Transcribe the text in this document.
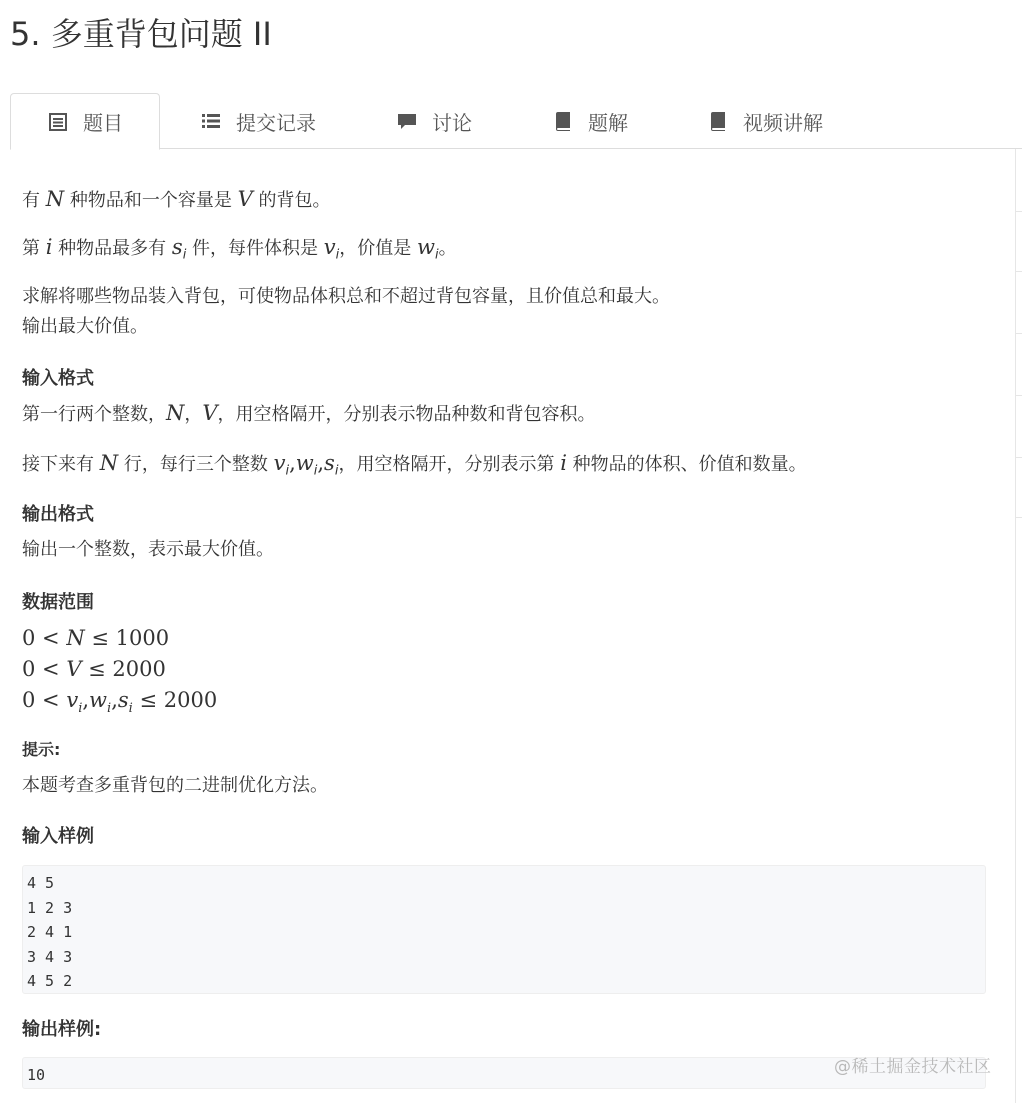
5. 多重背包问题 II
题目	提交记录	讨论	题解	视频讲解

有 N 种物品和一个容量是 V 的背包。

第 i 种物品最多有 $s_i$ 件，每件体积是 $v_i$，价值是 $w_i$。

求解将哪些物品装入背包，可使物品体积总和不超过背包容量，且价值总和最大。

输出最大价值。

输入格式

第一行两个整数，N，V，用空格隔开，分别表示物品种数和背包容积。

接下来有 N 行，每行三个整数 $v_i,w_i,s_i$，用空格隔开，分别表示第 i 种物品的体积、价值和数量。

输出格式

输出一个整数，表示最大价值。

数据范围

0 < N ≤ 1000

0 < V ≤ 2000

$0 < v_i,w_i,s_i \le 2000$

提示:

本题考查多重背包的二进制优化方法。

输入样例

输出样例:

4 5
1 2 3
2 4 1
3 4 3
4 5 2
10	@稀土掘金技术社区
